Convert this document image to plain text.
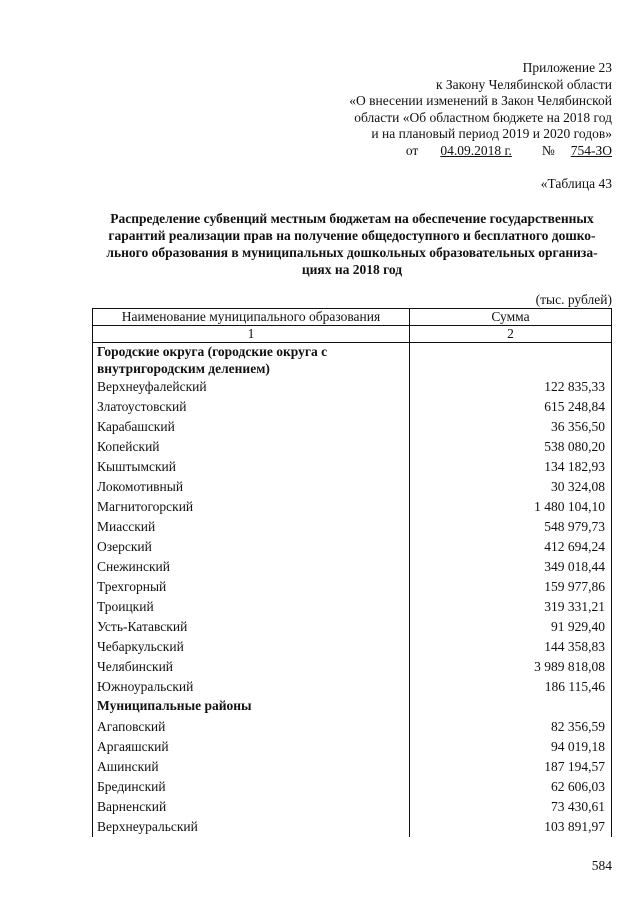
Приложение 23
к Закону Челябинской области
«О внесении изменений в Закон Челябинской
области «Об областном бюджете на 2018 год
и на плановый период 2019 и 2020 годов»
от 04.09.2018 г. № 754-ЗО
«Таблица 43
Распределение субвенций местным бюджетам на обеспечение государственных гарантий реализации прав на получение общедоступного и бесплатного дошко-льного образования в муниципальных дошкольных образовательных организа-циях на 2018 год
(тыс. рублей)
Наименование муниципального образования	Сумма
1	2
Городские округа (городские округа с внутригородским делением)	
Верхнеуфалейский	122 835,33
Златоустовский	615 248,84
Карабашский	36 356,50
Копейский	538 080,20
Кыштымский	134 182,93
Локомотивный	30 324,08
Магнитогорский	1 480 104,10
Миасский	548 979,73
Озерский	412 694,24
Снежинский	349 018,44
Трехгорный	159 977,86
Троицкий	319 331,21
Усть-Катавский	91 929,40
Чебаркульский	144 358,83
Челябинский	3 989 818,08
Южноуральский	186 115,46
Муниципальные районы	
Агаповский	82 356,59
Аргаяшский	94 019,18
Ашинский	187 194,57
Брединский	62 606,03
Варненский	73 430,61
Верхнеуральский	103 891,97
584
